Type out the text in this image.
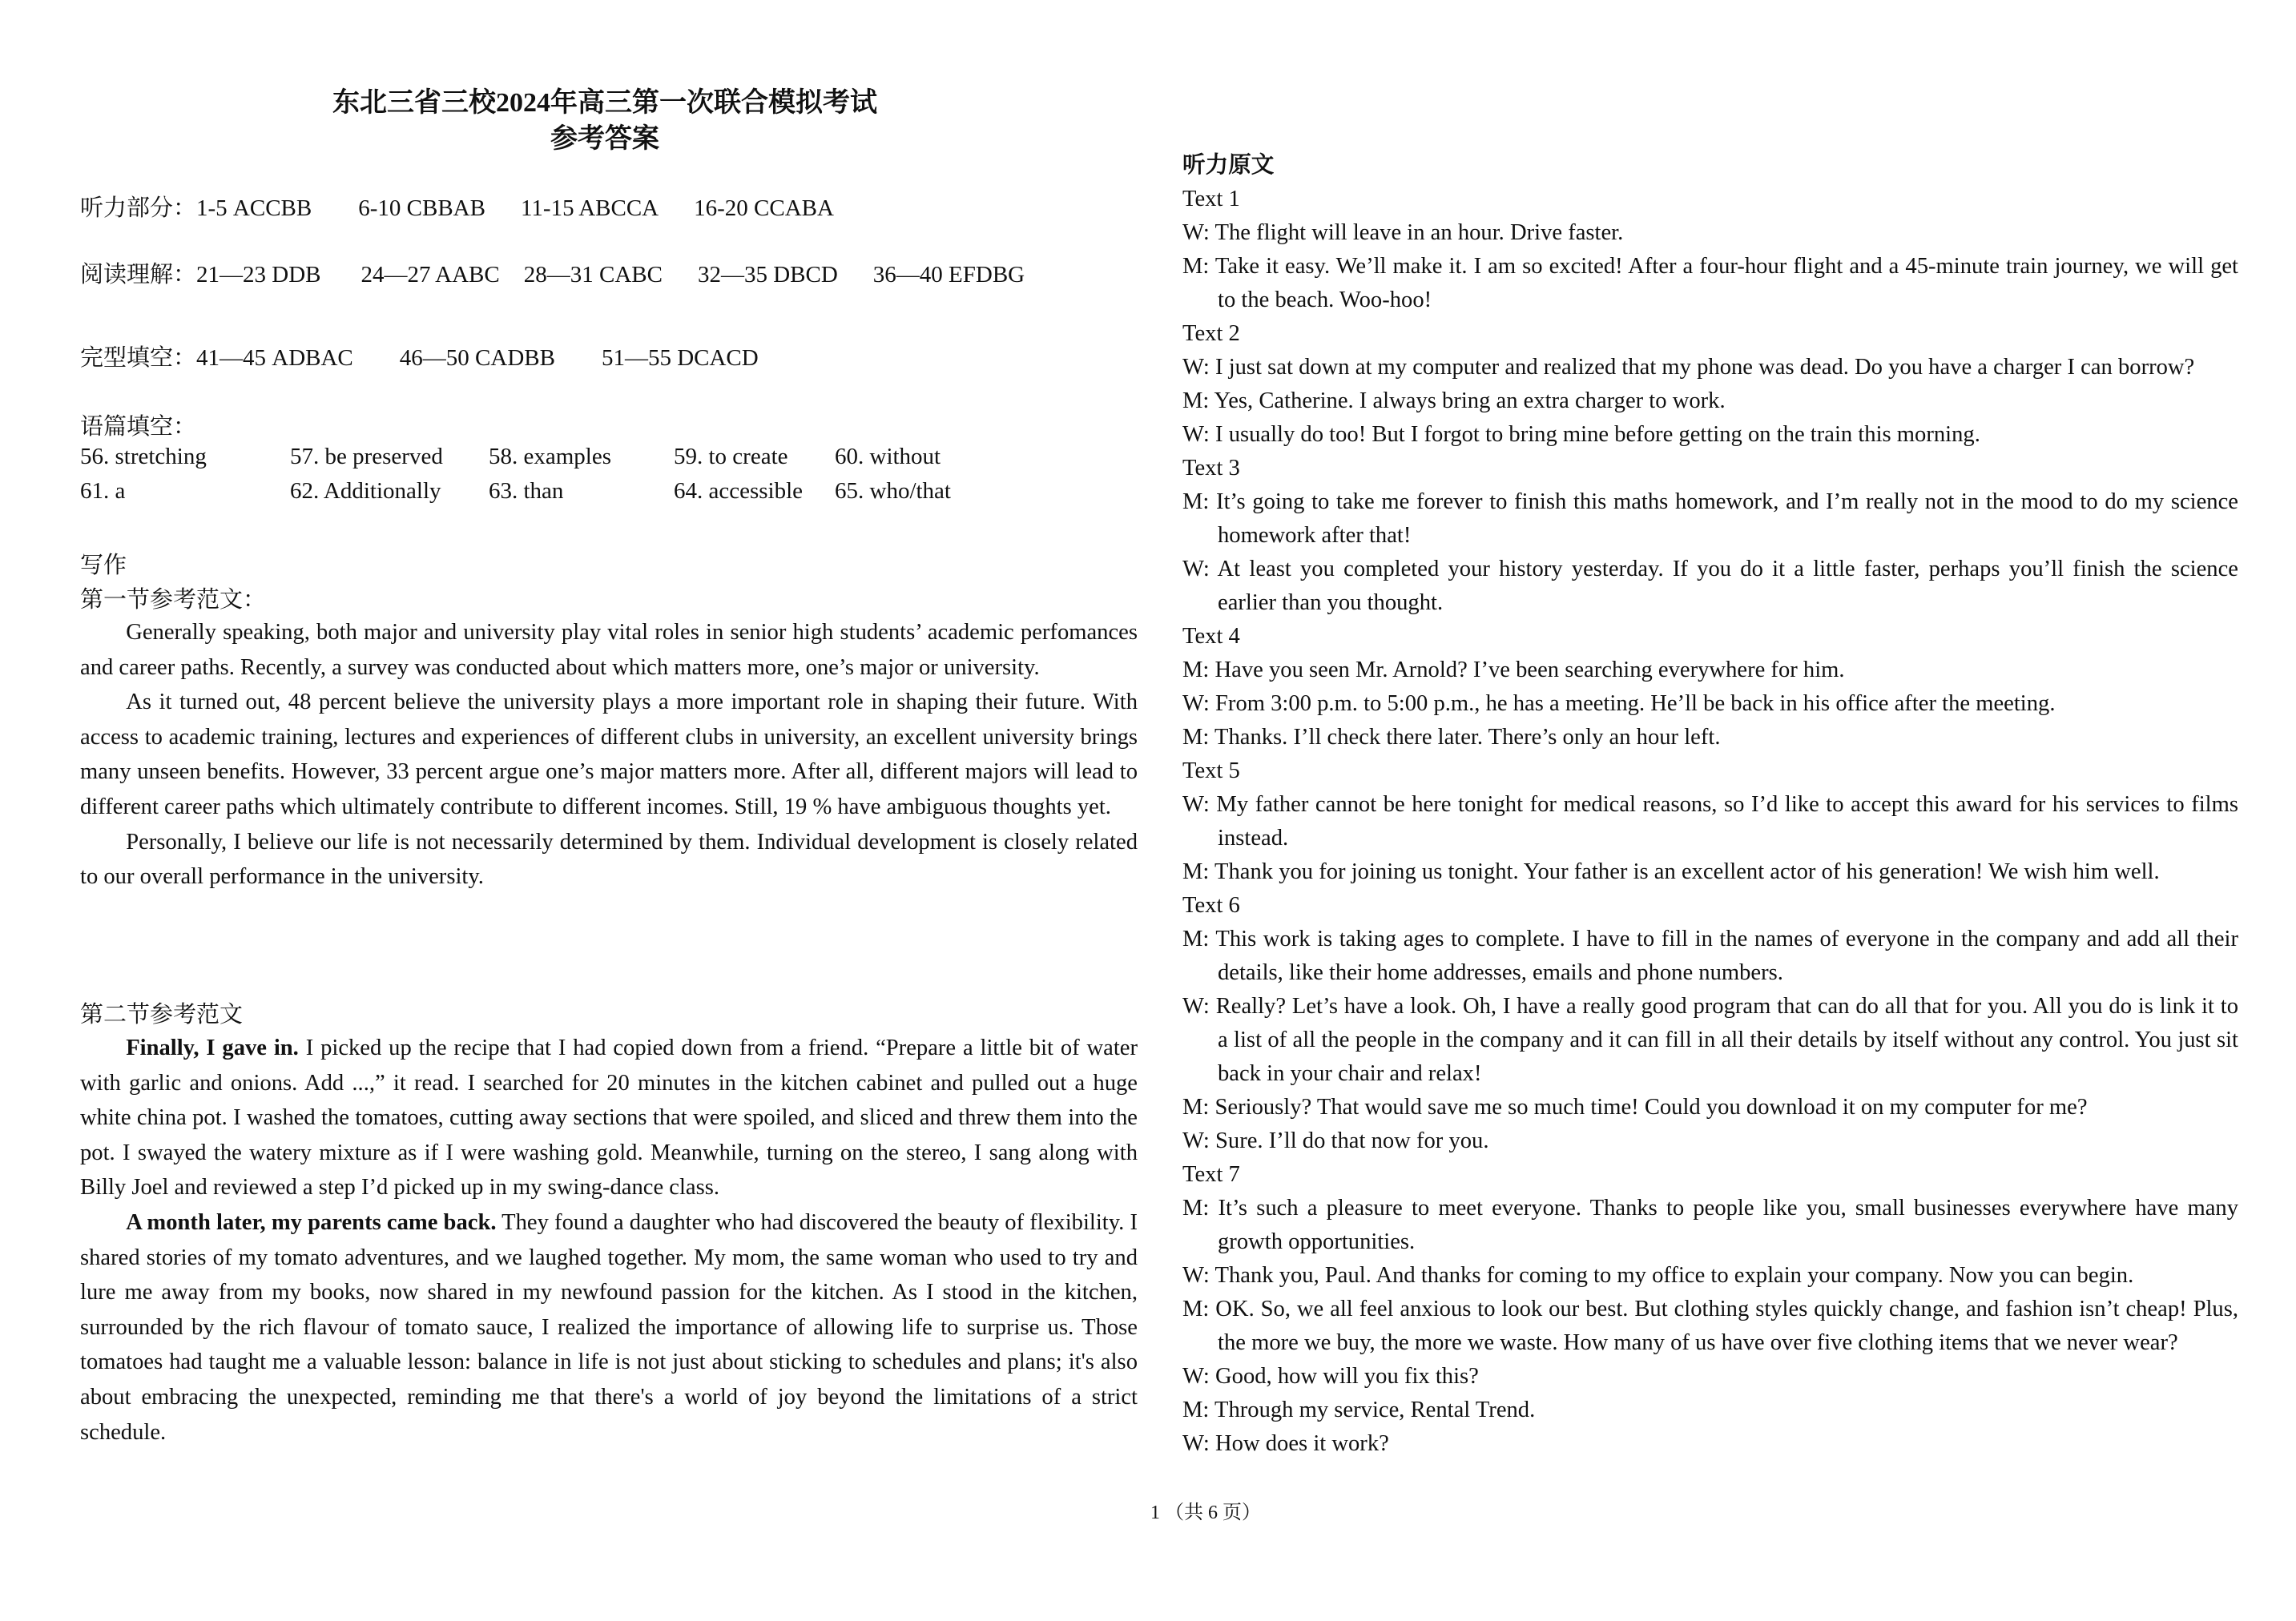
东北三省三校2024年高三第一次联合模拟考试
参考答案
听力部分：1-5 ACCBB 6-10 CBBAB 11-15 ABCCA 16-20 CCABA
阅读理解：21—23 DDB 24—27 AABC 28—31 CABC 32—35 DBCD 36—40 EFDBG
完型填空：41—45 ADBAC 46—50 CADBB 51—55 DCACD
语篇填空：
56. stretching	57. be preserved 58. examples	59. to create 60. without
61. a	62. Additionally 63. than	64. accessible 65. who/that
写作
第一节参考范文：

Generally speaking, both major and university play vital roles in senior high students’ academic perfomances and career paths. Recently, a survey was conducted about which matters more, one’s major or university.

As it turned out, 48 percent believe the university plays a more important role in shaping their future. With access to academic training, lectures and experiences of different clubs in university, an excellent university brings many unseen benefits. However, 33 percent argue one’s major matters more. After all, different majors will lead to different career paths which ultimately contribute to different incomes. Still, 19 % have ambiguous thoughts yet.

Personally, I believe our life is not necessarily determined by them. Individual development is closely related to our overall performance in the university.

第二节参考范文

Finally, I gave in. I picked up the recipe that I had copied down from a friend. “Prepare a little bit of water with garlic and onions. Add ...,” it read. I searched for 20 minutes in the kitchen cabinet and pulled out a huge white china pot. I washed the tomatoes, cutting away sections that were spoiled, and sliced and threw them into the pot. I swayed the watery mixture as if I were washing gold. Meanwhile, turning on the stereo, I sang along with Billy Joel and reviewed a step I’d picked up in my swing-dance class.

A month later, my parents came back. They found a daughter who had discovered the beauty of flexibility. I shared stories of my tomato adventures, and we laughed together. My mom, the same woman who used to try and lure me away from my books, now shared in my newfound passion for the kitchen. As I stood in the kitchen, surrounded by the rich flavour of tomato sauce, I realized the importance of allowing life to surprise us. Those tomatoes had taught me a valuable lesson: balance in life is not just about sticking to schedules and plans; it's also about embracing the unexpected, reminding me that there's a world of joy beyond the limitations of a strict schedule.

听力原文

Text 1

W: The flight will leave in an hour. Drive faster.

M: Take it easy. We’ll make it. I am so excited! After a four-hour flight and a 45-minute train journey, we will get to the beach. Woo-hoo!

Text 2

W: I just sat down at my computer and realized that my phone was dead. Do you have a charger I can borrow?

M: Yes, Catherine. I always bring an extra charger to work.

W: I usually do too! But I forgot to bring mine before getting on the train this morning.

Text 3

M: It’s going to take me forever to finish this maths homework, and I’m really not in the mood to do my science homework after that!

W: At least you completed your history yesterday. If you do it a little faster, perhaps you’ll finish the science earlier than you thought.

Text 4

M: Have you seen Mr. Arnold? I’ve been searching everywhere for him.

W: From 3:00 p.m. to 5:00 p.m., he has a meeting. He’ll be back in his office after the meeting.

M: Thanks. I’ll check there later. There’s only an hour left.

Text 5

W: My father cannot be here tonight for medical reasons, so I’d like to accept this award for his services to films instead.

M: Thank you for joining us tonight. Your father is an excellent actor of his generation! We wish him well.

Text 6

M: This work is taking ages to complete. I have to fill in the names of everyone in the company and add all their details, like their home addresses, emails and phone numbers.

W: Really? Let’s have a look. Oh, I have a really good program that can do all that for you. All you do is link it to a list of all the people in the company and it can fill in all their details by itself without any control. You just sit back in your chair and relax!

M: Seriously? That would save me so much time! Could you download it on my computer for me?

W: Sure. I’ll do that now for you.

Text 7

M: It’s such a pleasure to meet everyone. Thanks to people like you, small businesses everywhere have many growth opportunities.

W: Thank you, Paul. And thanks for coming to my office to explain your company. Now you can begin.

M: OK. So, we all feel anxious to look our best. But clothing styles quickly change, and fashion isn’t cheap! Plus, the more we buy, the more we waste. How many of us have over five clothing items that we never wear?

W: Good, how will you fix this?

M: Through my service, Rental Trend.

W: How does it work?

1 （共 6 页）
